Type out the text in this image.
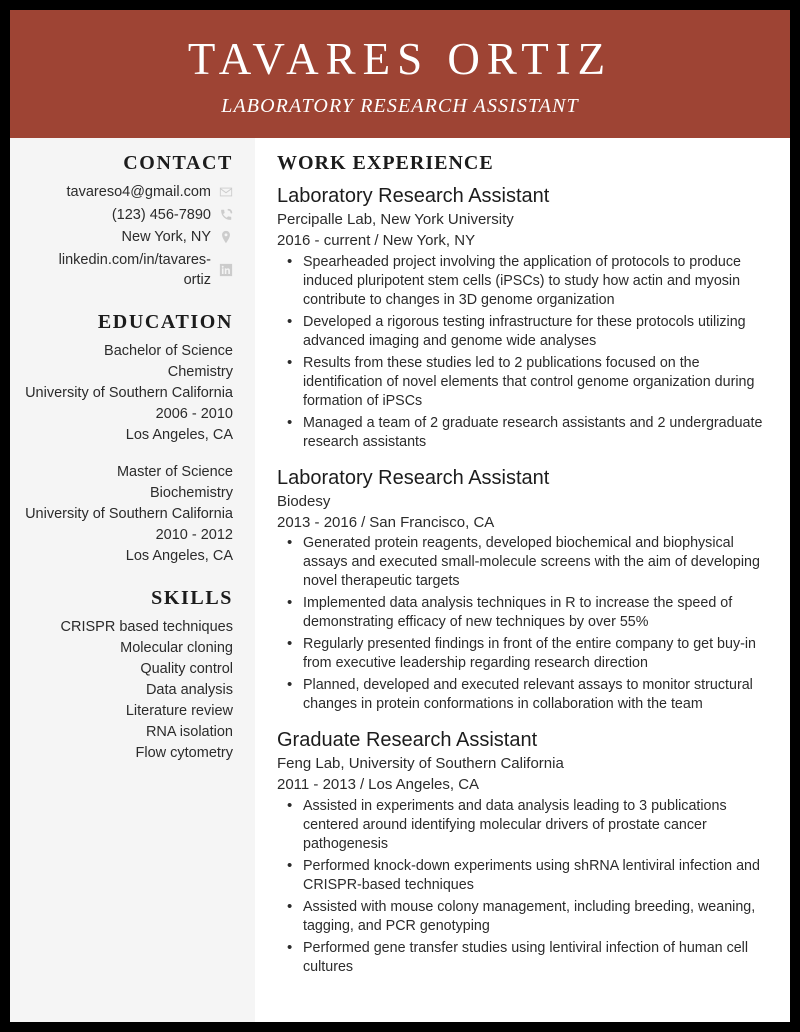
TAVARES ORTIZ
LABORATORY RESEARCH ASSISTANT
CONTACT
tavareso4@gmail.com
(123) 456-7890
New York, NY
linkedin.com/in/tavares-ortiz
EDUCATION
Bachelor of Science
Chemistry
University of Southern California
2006 - 2010
Los Angeles, CA
Master of Science
Biochemistry
University of Southern California
2010 - 2012
Los Angeles, CA
SKILLS
CRISPR based techniques
Molecular cloning
Quality control
Data analysis
Literature review
RNA isolation
Flow cytometry
WORK EXPERIENCE
Laboratory Research Assistant
Percipalle Lab, New York University
2016 - current / New York, NY
• Spearheaded project involving the application of protocols to produce induced pluripotent stem cells (iPSCs) to study how actin and myosin contribute to changes in 3D genome organization
• Developed a rigorous testing infrastructure for these protocols utilizing advanced imaging and genome wide analyses
• Results from these studies led to 2 publications focused on the identification of novel elements that control genome organization during formation of iPSCs
• Managed a team of 2 graduate research assistants and 2 undergraduate research assistants
Laboratory Research Assistant
Biodesy
2013 - 2016 / San Francisco, CA
• Generated protein reagents, developed biochemical and biophysical assays and executed small-molecule screens with the aim of developing novel therapeutic targets
• Implemented data analysis techniques in R to increase the speed of demonstrating efficacy of new techniques by over 55%
• Regularly presented findings in front of the entire company to get buy-in from executive leadership regarding research direction
• Planned, developed and executed relevant assays to monitor structural changes in protein conformations in collaboration with the team
Graduate Research Assistant
Feng Lab, University of Southern California
2011 - 2013 / Los Angeles, CA
• Assisted in experiments and data analysis leading to 3 publications centered around identifying molecular drivers of prostate cancer pathogenesis
• Performed knock-down experiments using shRNA lentiviral infection and CRISPR-based techniques
• Assisted with mouse colony management, including breeding, weaning, tagging, and PCR genotyping
• Performed gene transfer studies using lentiviral infection of human cell cultures
